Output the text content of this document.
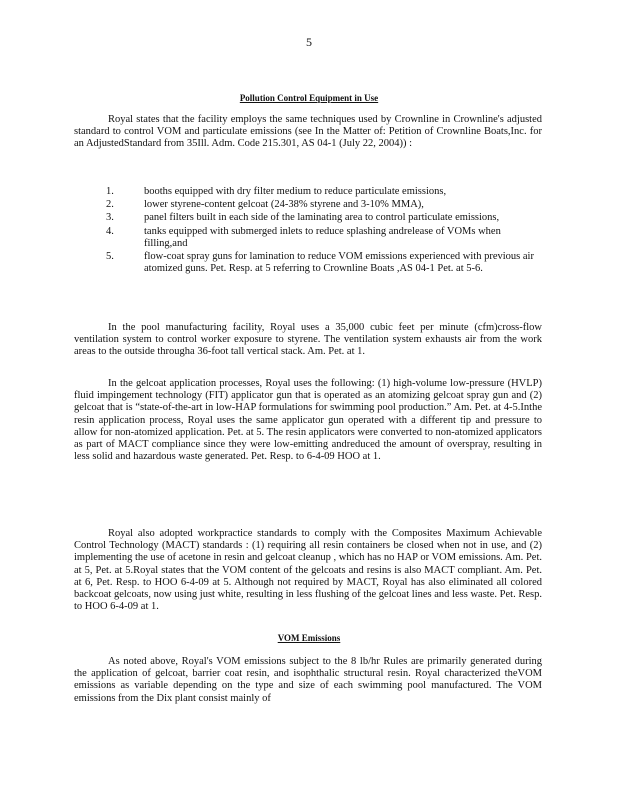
5
Pollution Control Equipment in Use

Royal states that the facility employs the same techniques used by Crownline in Crownline's adjusted standard to control VOM and particulate emissions (see In the Matter of: Petition of Crownline Boats,Inc. for an AdjustedStandard from 35Ill. Adm. Code 215.301, AS 04-1 (July 22, 2004)) :

1.	booths equipped with dry filter medium to reduce particulate emissions,
2.	lower styrene-content gelcoat (24-38% styrene and 3-10% MMA),
3.	panel filters built in each side of the laminating area to control particulate emissions,
4.	tanks equipped with submerged inlets to reduce splashing andrelease of VOMs when filling,and
5.	flow-coat spray guns for lamination to reduce VOM emissions experienced with previous air atomized guns. Pet. Resp. at 5 referring to Crownline Boats ,AS 04-1 Pet. at 5-6.

In the pool manufacturing facility, Royal uses a 35,000 cubic feet per minute (cfm)cross-flow ventilation system to control worker exposure to styrene. The ventilation system exhausts air from the work areas to the outside througha 36-foot tall vertical stack. Am. Pet. at 1.

In the gelcoat application processes, Royal uses the following: (1) high-volume low-pressure (HVLP) fluid impingement technology (FIT) applicator gun that is operated as an atomizing gelcoat spray gun and (2) gelcoat that is “state-of-the-art in low-HAP formulations for swimming pool production.” Am. Pet. at 4-5.Inthe resin application process, Royal uses the same applicator gun operated with a different tip and pressure to allow for non-atomized application. Pet. at 5. The resin applicators were converted to non-atomized applicators as part of MACT compliance since they were low-emitting andreduced the amount of overspray, resulting in less solid and hazardous waste generated. Pet. Resp. to 6-4-09 HOO at 1.

Royal also adopted workpractice standards to comply with the Composites Maximum Achievable Control Technology (MACT) standards : (1) requiring all resin containers be closed when not in use, and (2) implementing the use of acetone in resin and gelcoat cleanup , which has no HAP or VOM emissions. Am. Pet. at 5, Pet. at 5.Royal states that the VOM content of the gelcoats and resins is also MACT compliant. Am. Pet. at 6, Pet. Resp. to HOO 6-4-09 at 5. Although not required by MACT, Royal has also eliminated all colored backcoat gelcoats, now using just white, resulting in less flushing of the gelcoat lines and less waste. Pet. Resp. to HOO 6-4-09 at 1.

VOM Emissions

As noted above, Royal's VOM emissions subject to the 8 lb/hr Rules are primarily generated during the application of gelcoat, barrier coat resin, and isophthalic structural resin. Royal characterized theVOM emissions as variable depending on the type and size of each swimming pool manufactured. The VOM emissions from the Dix plant consist mainly of
